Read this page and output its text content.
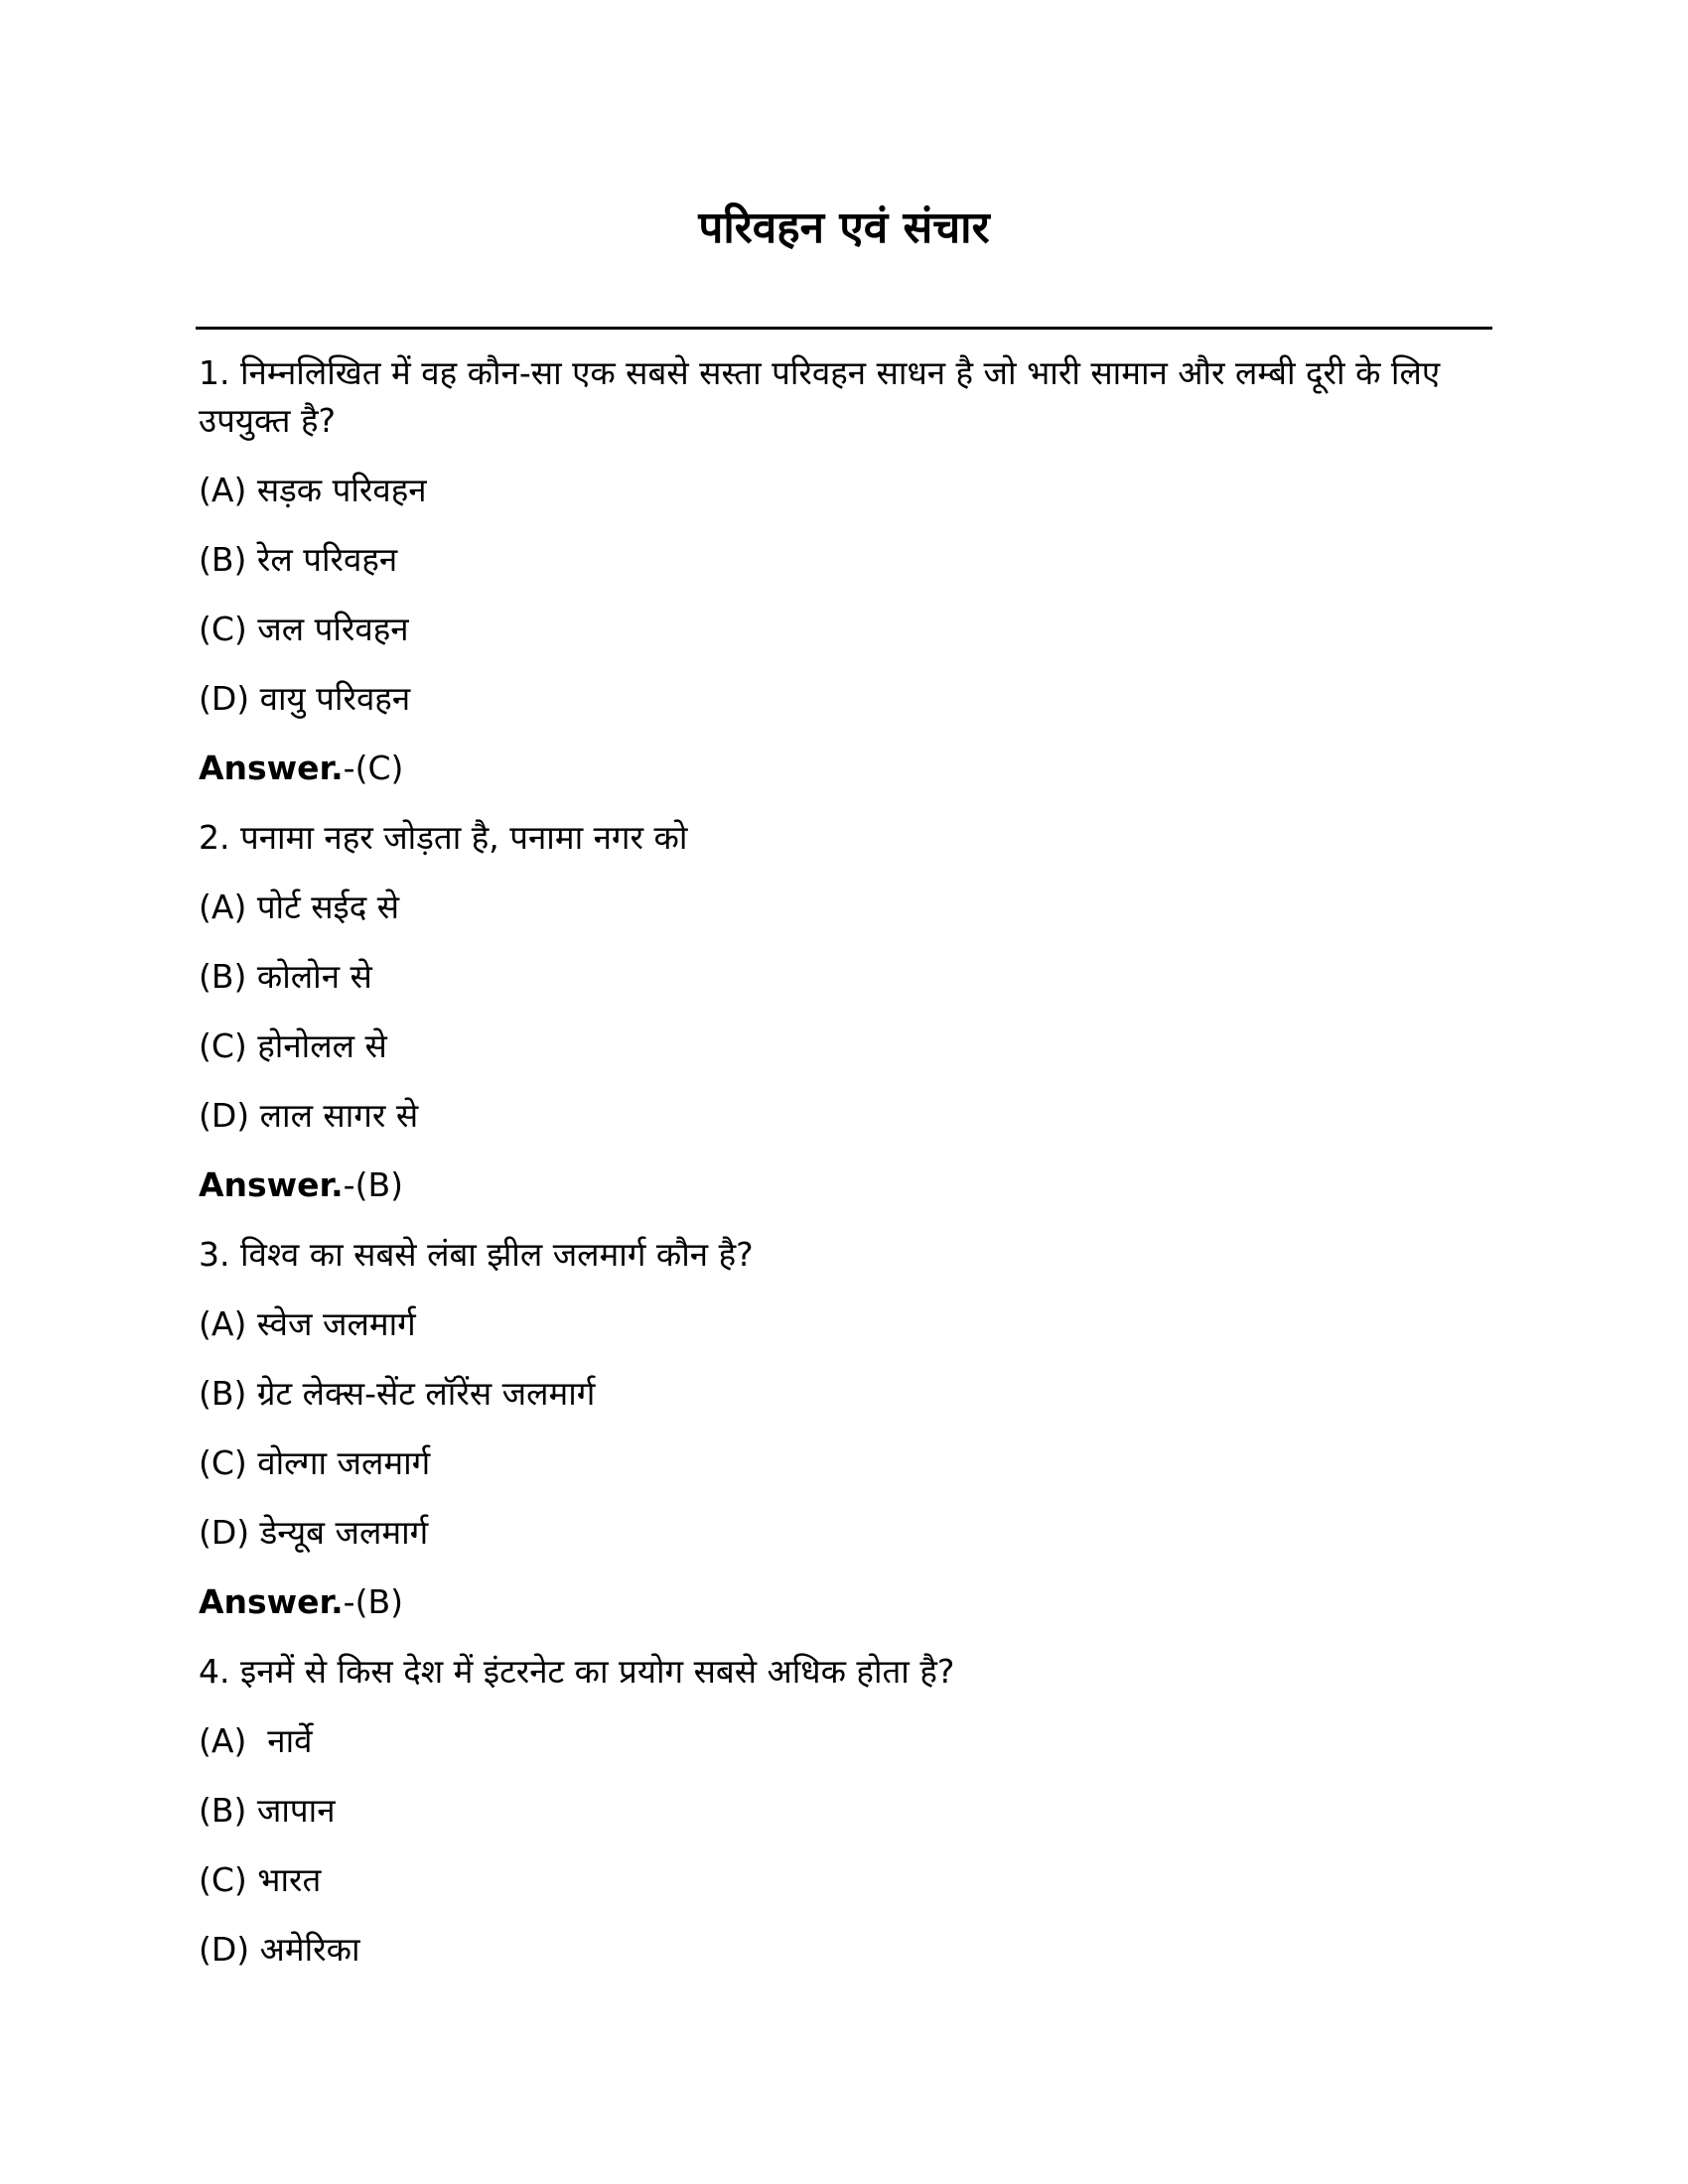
परिवहन एवं संचार
1. निम्नलिखित में वह कौन-सा एक सबसे सस्ता परिवहन साधन है जो भारी सामान और लम्बी दूरी के लिए उपयुक्त है?
(A) सड़क परिवहन
(B) रेल परिवहन
(C) जल परिवहन
(D) वायु परिवहन
Answer.-(C)
2. पनामा नहर जोड़ता है, पनामा नगर को
(A) पोर्ट सईद से
(B) कोलोन से
(C) होनोलल से
(D) लाल सागर से
Answer.-(B)
3. विश्व का सबसे लंबा झील जलमार्ग कौन है?
(A) स्वेज जलमार्ग
(B) ग्रेट लेक्स-सेंट लॉरेंस जलमार्ग
(C) वोल्गा जलमार्ग
(D) डेन्यूब जलमार्ग
Answer.-(B)
4. इनमें से किस देश में इंटरनेट का प्रयोग सबसे अधिक होता है?
(A)  नार्वे
(B) जापान
(C) भारत
(D) अमेरिका
